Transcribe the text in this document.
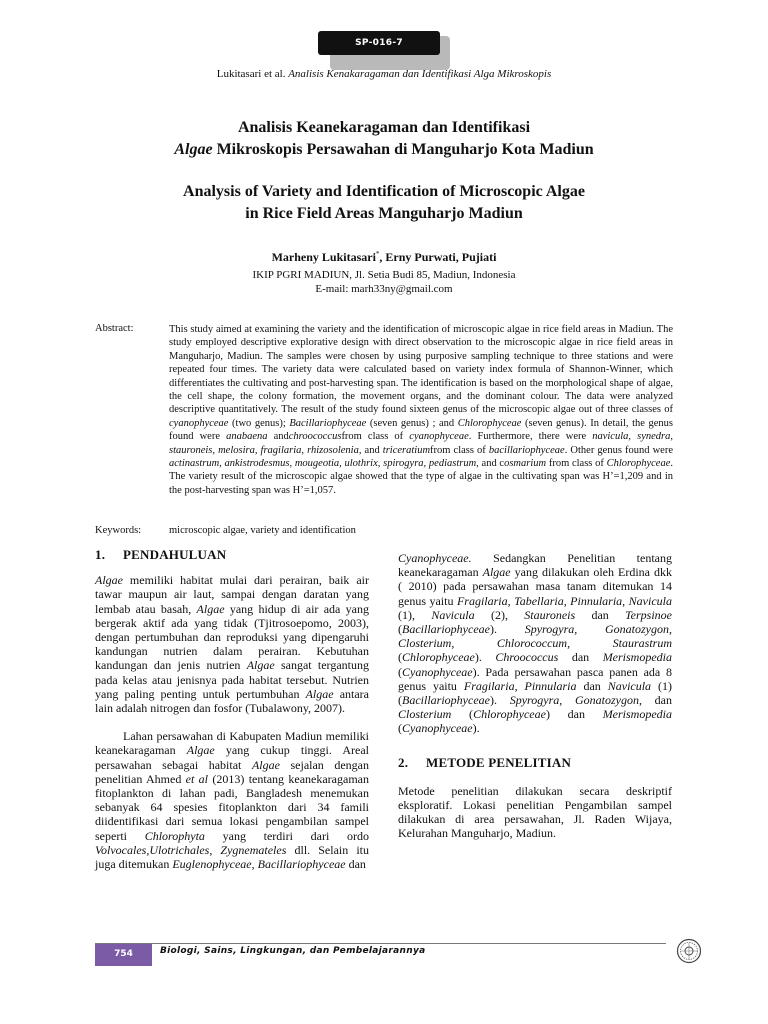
SP-016-7
Lukitasari et al. Analisis Kenakaragaman dan Identifikasi Alga Mikroskopis
Analisis Keanekaragaman dan Identifikasi
Algae Mikroskopis Persawahan di Manguharjo Kota Madiun
Analysis of Variety and Identification of Microscopic Algae
in Rice Field Areas Manguharjo Madiun
Marheny Lukitasari*, Erny Purwati, Pujiati
IKIP PGRI MADIUN, Jl. Setia Budi 85, Madiun, Indonesia
E-mail: marh33ny@gmail.com
Abstract:	This study aimed at examining the variety and the identification of microscopic algae in rice field areas in Madiun. The study employed descriptive explorative design with direct observation to the microscopic algae in rice field areas in Manguharjo, Madiun. The samples were chosen by using purposive sampling technique to three stations and were repeated four times. The variety data were calculated based on variety index formula of Shannon-Winner, which differentiates the cultivating and post-harvesting span. The identification is based on the morphological shape of algae, the cell shape, the colony formation, the movement organs, and the dominant colour. The data were analyzed descriptive quantitatively. The result of the study found sixteen genus of the microscopic algae out of three classes of cyanophyceae (two genus); Bacillariophyceae (seven genus) ; and Chlorophyceae (seven genus). In detail, the genus found were anabaena andchroococcusfrom class of cyanophyceae. Furthermore, there were navicula, synedra, stauroneis, melosira, fragilaria, rhizosolenia, and triceratiumfrom class of bacillariophyceae. Other genus found were actinastrum, ankistrodesmus, mougeotia, ulothrix, spirogyra, pediastrum, and cosmarium from class of Chlorophyceae. The variety result of the microscopic algae showed that the type of algae in the cultivating span was H’=1,209 and in the post-harvesting span was H’=1,057.
Keywords:	microscopic algae, variety and identification

1. PENDAHULUAN

Algae memiliki habitat mulai dari perairan, baik air tawar maupun air laut, sampai dengan daratan yang lembab atau basah, Algae yang hidup di air ada yang bergerak aktif ada yang tidak (Tjitrosoepomo, 2003), dengan pertumbuhan dan reproduksi yang dipengaruhi kandungan nutrien dalam perairan. Kebutuhan kandungan dan jenis nutrien Algae sangat tergantung pada kelas atau jenisnya pada habitat tersebut. Nutrien yang paling penting untuk pertumbuhan Algae antara lain adalah nitrogen dan fosfor (Tubalawony, 2007).

Lahan persawahan di Kabupaten Madiun memiliki keanekaragaman Algae yang cukup tinggi. Areal persawahan sebagai habitat Algae sejalan dengan penelitian Ahmed et al (2013) tentang keanekaragaman fitoplankton di lahan padi, Bangladesh menemukan sebanyak 64 spesies fitoplankton dari 34 famili diidentifikasi dari semua lokasi pengambilan sampel seperti Chlorophyta yang terdiri dari ordo Volvocales,Ulotrichales, Zygnemateles dll. Selain itu juga ditemukan Euglenophyceae, Bacillariophyceae dan

Cyanophyceae. Sedangkan Penelitian tentang keanekaragaman Algae yang dilakukan oleh Erdina dkk ( 2010) pada persawahan masa tanam ditemukan 14 genus yaitu Fragilaria, Tabellaria, Pinnularia, Navicula (1), Navicula (2), Stauroneis dan Terpsinoe (Bacillariophyceae). Spyrogyra, Gonatozygon, Closterium, Chlorococcum, Staurastrum (Chlorophyceae). Chroococcus dan Merismopedia (Cyanophyceae). Pada persawahan pasca panen ada 8 genus yaitu Fragilaria, Pinnularia dan Navicula (1) (Bacillariophyceae). Spyrogyra, Gonatozygon, dan Closterium (Chlorophyceae) dan Merismopedia (Cyanophyceae).

2. METODE PENELITIAN

Metode penelitian dilakukan secara deskriptif eksploratif. Lokasi penelitian Pengambilan sampel dilakukan di area persawahan, Jl. Raden Wijaya, Kelurahan Manguharjo, Madiun.

754	Biologi, Sains, Lingkungan, dan Pembelajarannya
